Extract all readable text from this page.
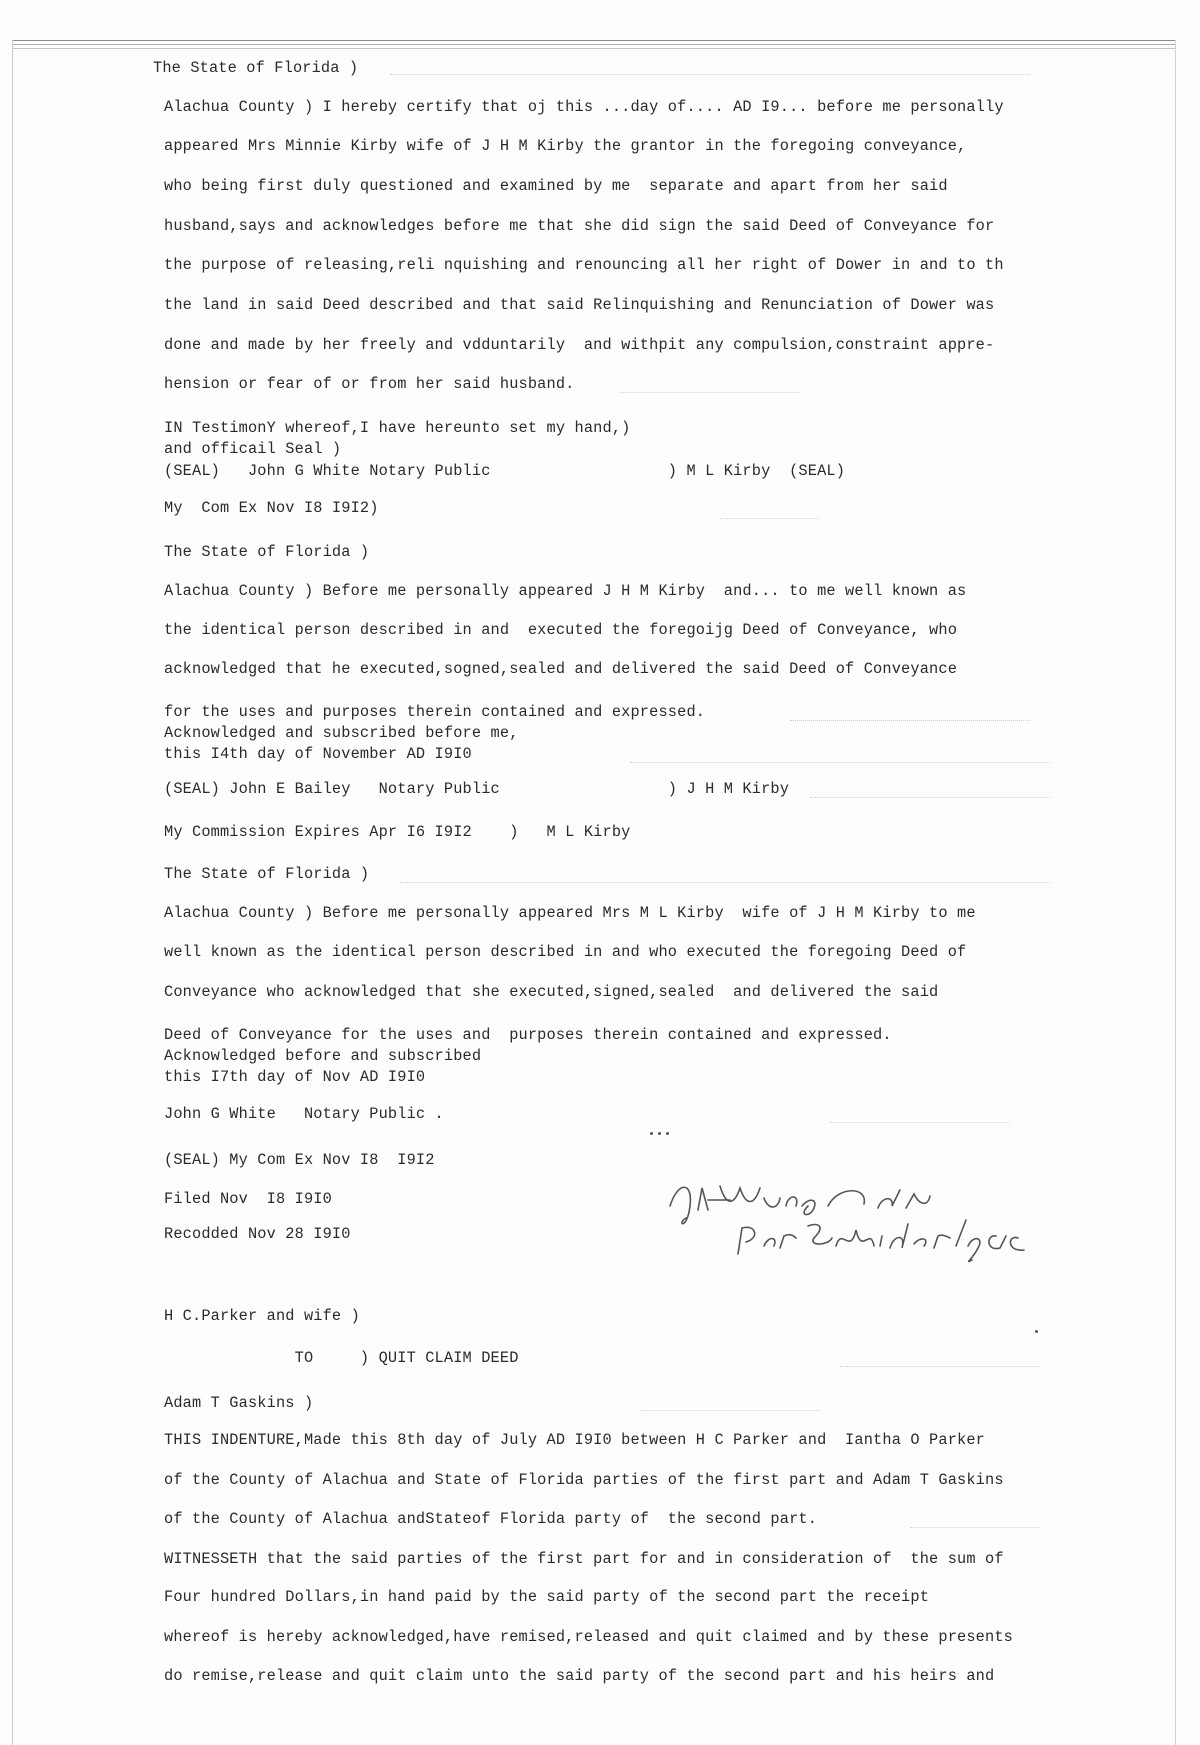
The State of Florida )
Alachua County ) I hereby certify that oj this ...day of.... AD I9... before me personally
appeared Mrs Minnie Kirby wife of J H M Kirby the grantor in the foregoing conveyance,
who being first duly questioned and examined by me  separate and apart from her said
husband,says and acknowledges before me that she did sign the said Deed of Conveyance for
the purpose of releasing,reli nquishing and renouncing all her right of Dower in and to th
the land in said Deed described and that said Relinquishing and Renunciation of Dower was
done and made by her freely and vdduntarily  and withpit any compulsion,constraint appre-
hension or fear of or from her said husband.
IN TestimonY whereof,I have hereunto set my hand,)
and officail Seal )
(SEAL)   John G White Notary Public                   ) M L Kirby  (SEAL)
My  Com Ex Nov I8 I9I2)
The State of Florida )
Alachua County ) Before me personally appeared J H M Kirby  and... to me well known as
the identical person described in and  executed the foregoijg Deed of Conveyance, who
acknowledged that he executed,sogned,sealed and delivered the said Deed of Conveyance
for the uses and purposes therein contained and expressed.
Acknowledged and subscribed before me,
this I4th day of November AD I9I0
(SEAL) John E Bailey   Notary Public                  ) J H M Kirby
My Commission Expires Apr I6 I9I2    )   M L Kirby
The State of Florida )
Alachua County ) Before me personally appeared Mrs M L Kirby  wife of J H M Kirby to me
well known as the identical person described in and who executed the foregoing Deed of
Conveyance who acknowledged that she executed,signed,sealed  and delivered the said
Deed of Conveyance for the uses and  purposes therein contained and expressed.
Acknowledged before and subscribed
this I7th day of Nov AD I9I0
John G White   Notary Public .
(SEAL) My Com Ex Nov I8  I9I2
Filed Nov  I8 I9I0
Recodded Nov 28 I9I0
H C.Parker and wife )
TO     ) QUIT CLAIM DEED
Adam T Gaskins )
THIS INDENTURE,Made this 8th day of July AD I9I0 between H C Parker and  Iantha O Parker
of the County of Alachua and State of Florida parties of the first part and Adam T Gaskins
of the County of Alachua andStateof Florida party of  the second part.
WITNESSETH that the said parties of the first part for and in consideration of  the sum of
Four hundred Dollars,in hand paid by the said party of the second part the receipt
whereof is hereby acknowledged,have remised,released and quit claimed and by these presents
do remise,release and quit claim unto the said party of the second part and his heirs and
